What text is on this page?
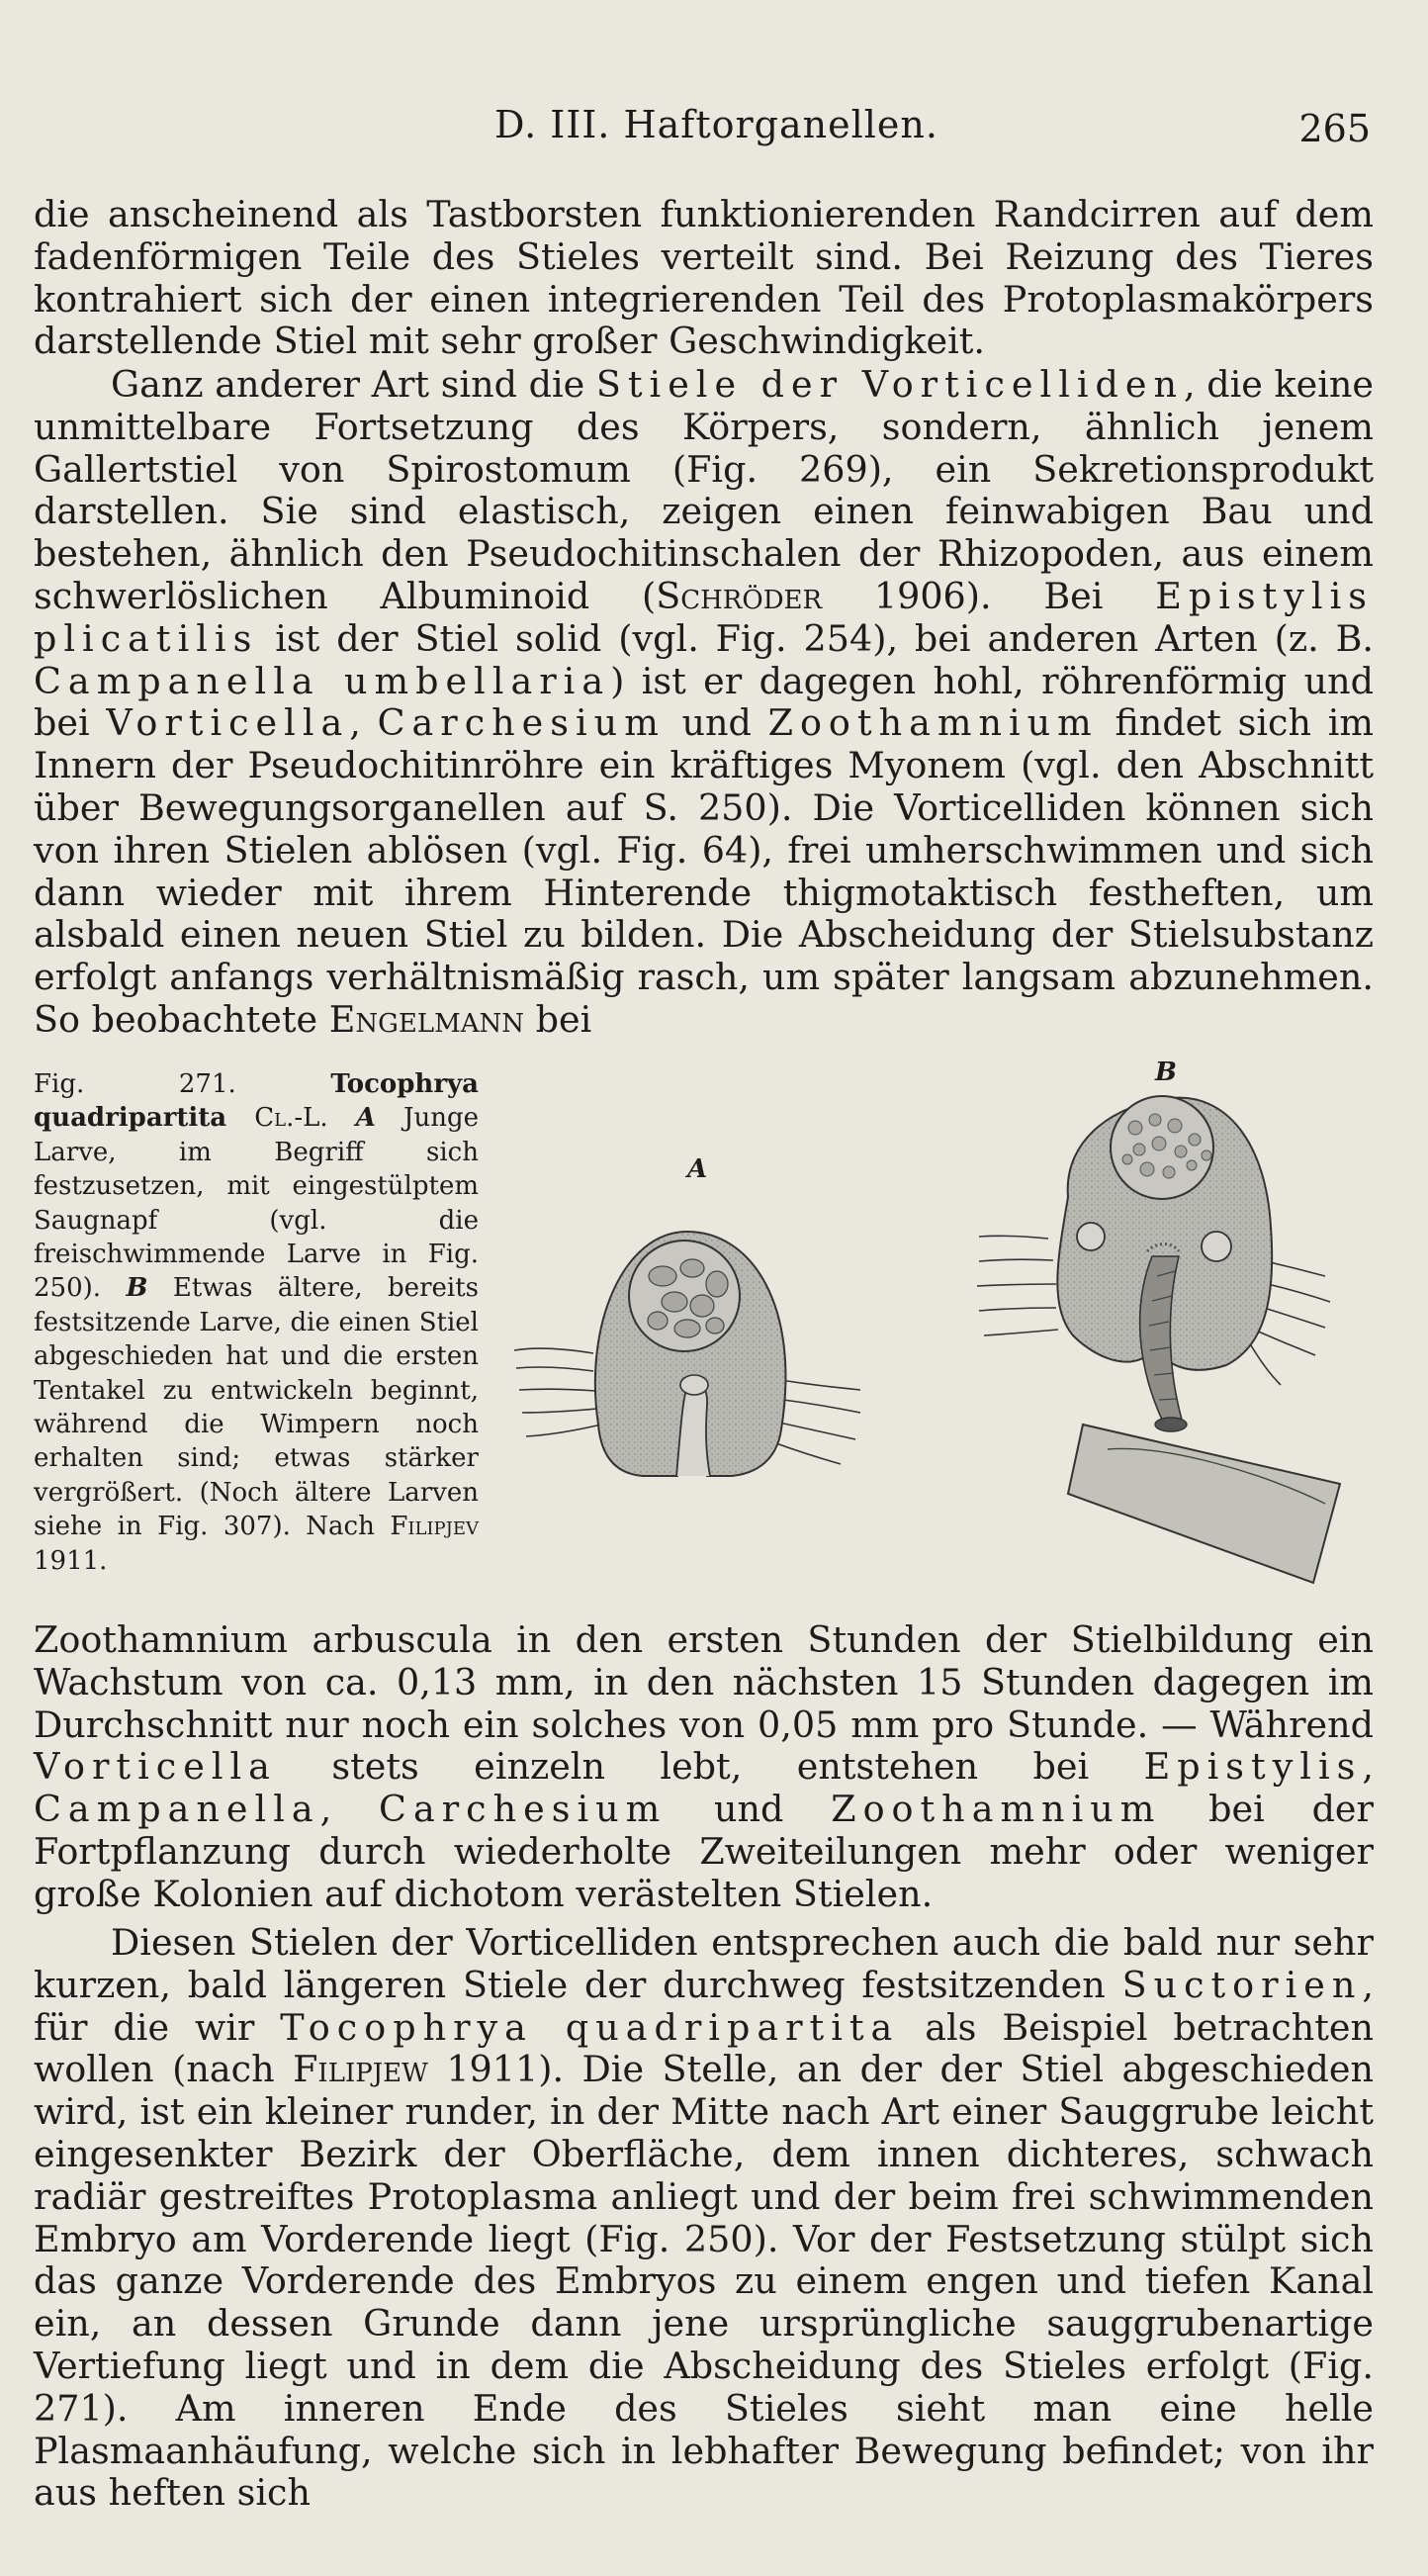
D. III. Haftorganellen.	265

die anscheinend als Tastborsten funktionierenden Randcirren auf dem fadenförmigen Teile des Stieles verteilt sind. Bei Reizung des Tieres kontrahiert sich der einen integrierenden Teil des Protoplasmakörpers darstellende Stiel mit sehr großer Geschwindigkeit.

Ganz anderer Art sind die Stiele der Vorticelliden, die keine unmittelbare Fortsetzung des Körpers, sondern, ähnlich jenem Gallertstiel von Spirostomum (Fig. 269), ein Sekretionsprodukt darstellen. Sie sind elastisch, zeigen einen feinwabigen Bau und bestehen, ähnlich den Pseudochitinschalen der Rhizopoden, aus einem schwerlöslichen Albuminoid (Schröder 1906). Bei Epistylis plicatilis ist der Stiel solid (vgl. Fig. 254), bei anderen Arten (z. B. Campanella umbellaria) ist er dagegen hohl, röhrenförmig und bei Vorticella, Carchesium und Zoothamnium findet sich im Innern der Pseudochitinröhre ein kräftiges Myonem (vgl. den Abschnitt über Bewegungsorganellen auf S. 250). Die Vorticelliden können sich von ihren Stielen ablösen (vgl. Fig. 64), frei umherschwimmen und sich dann wieder mit ihrem Hinterende thigmotaktisch festheften, um alsbald einen neuen Stiel zu bilden. Die Abscheidung der Stielsubstanz erfolgt anfangs verhältnismäßig rasch, um später langsam abzunehmen. So beobachtete Engelmann bei

Fig. 271. Tocophrya quadripartita Cl.-L. A Junge Larve, im Begriff sich festzusetzen, mit eingestülptem Saugnapf (vgl. die freischwimmende Larve in Fig. 250). B Etwas ältere, bereits festsitzende Larve, die einen Stiel abgeschieden hat und die ersten Tentakel zu entwickeln beginnt, während die Wimpern noch erhalten sind; etwas stärker vergrößert. (Noch ältere Larven siehe in Fig. 307). Nach Filipjev 1911.

A
B

Zoothamnium arbuscula in den ersten Stunden der Stielbildung ein Wachstum von ca. 0,13 mm, in den nächsten 15 Stunden dagegen im Durchschnitt nur noch ein solches von 0,05 mm pro Stunde. — Während Vorticella stets einzeln lebt, entstehen bei Epistylis, Campanella, Carchesium und Zoothamnium bei der Fortpflanzung durch wiederholte Zweiteilungen mehr oder weniger große Kolonien auf dichotom verästelten Stielen.

Diesen Stielen der Vorticelliden entsprechen auch die bald nur sehr kurzen, bald längeren Stiele der durchweg festsitzenden Suctorien, für die wir Tocophrya quadripartita als Beispiel betrachten wollen (nach Filipjew 1911). Die Stelle, an der der Stiel abgeschieden wird, ist ein kleiner runder, in der Mitte nach Art einer Sauggrube leicht eingesenkter Bezirk der Oberfläche, dem innen dichteres, schwach radiär gestreiftes Protoplasma anliegt und der beim frei schwimmenden Embryo am Vorderende liegt (Fig. 250). Vor der Festsetzung stülpt sich das ganze Vorderende des Embryos zu einem engen und tiefen Kanal ein, an dessen Grunde dann jene ursprüngliche sauggrubenartige Vertiefung liegt und in dem die Abscheidung des Stieles erfolgt (Fig. 271). Am inneren Ende des Stieles sieht man eine helle Plasmaanhäufung, welche sich in lebhafter Bewegung befindet; von ihr aus heften sich
